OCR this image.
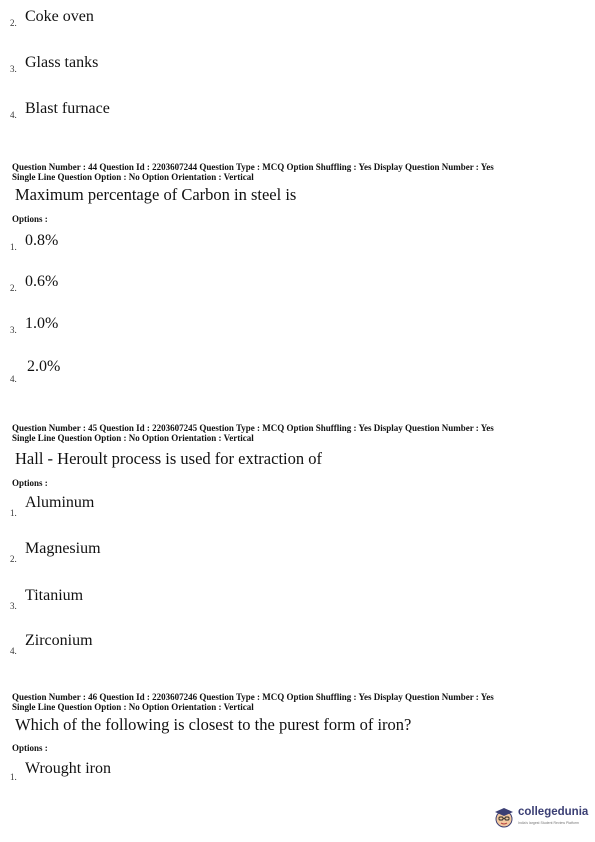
2. Coke oven
3. Glass tanks
4. Blast furnace
Question Number : 44 Question Id : 2203607244 Question Type : MCQ Option Shuffling : Yes Display Question Number : Yes
Single Line Question Option : No Option Orientation : Vertical
Maximum percentage of Carbon in steel is
Options :
1. 0.8%
2. 0.6%
3. 1.0%
4.
2.0%
Question Number : 45 Question Id : 2203607245 Question Type : MCQ Option Shuffling : Yes Display Question Number : Yes
Single Line Question Option : No Option Orientation : Vertical
Hall - Heroult process is used for extraction of
Options :
1.
Aluminum
2.
Magnesium
3.
Titanium
4.
Zirconium
Question Number : 46 Question Id : 2203607246 Question Type : MCQ Option Shuffling : Yes Display Question Number : Yes
Single Line Question Option : No Option Orientation : Vertical
Which of the following is closest to the purest form of iron?
Options :
1. Wrought iron
collegedunia
India's largest Student Review Platform
